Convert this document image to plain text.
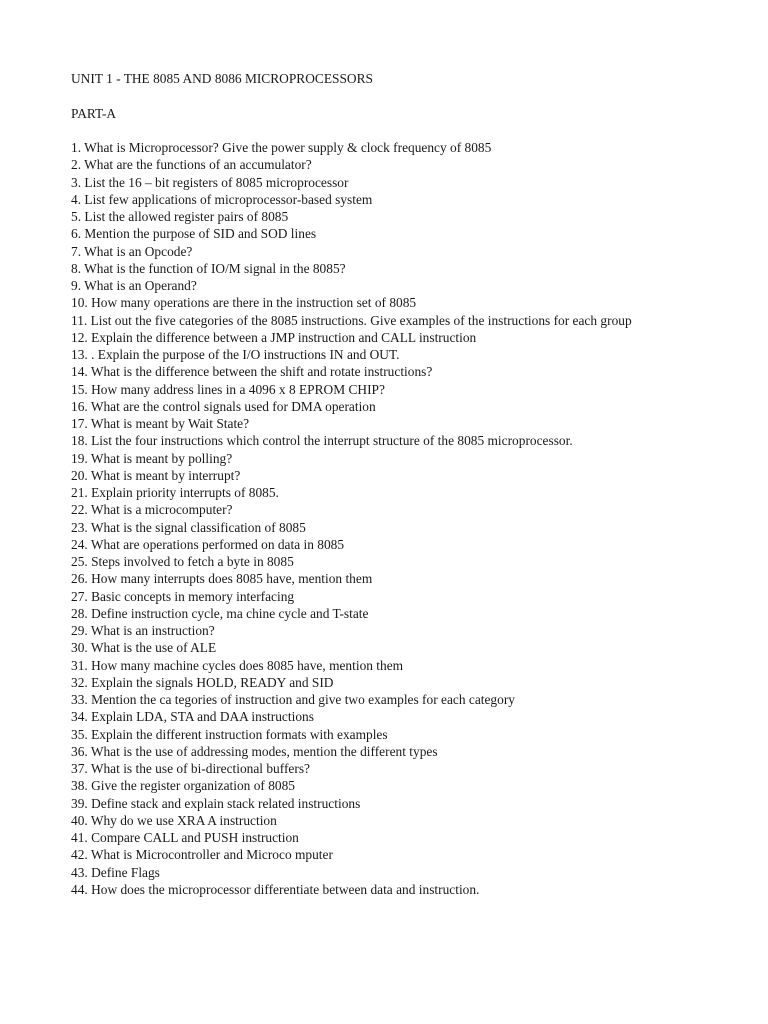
UNIT 1 - THE 8085 AND 8086 MICROPROCESSORS
PART-A
1. What is Microprocessor? Give the power supply & clock frequency of 8085
2. What are the functions of an accumulator?
3. List the 16 – bit registers of 8085 microprocessor
4. List few applications of microprocessor-based system
5. List the allowed register pairs of 8085
6. Mention the purpose of SID and SOD lines
7. What is an Opcode?
8. What is the function of IO/M signal in the 8085?
9. What is an Operand?
10. How many operations are there in the instruction set of 8085
11. List out the five categories of the 8085 instructions. Give examples of the instructions for each group
12. Explain the difference between a JMP instruction and CALL instruction
13. . Explain the purpose of the I/O instructions IN and OUT.
14. What is the difference between the shift and rotate instructions?
15. How many address lines in a 4096 x 8 EPROM CHIP?
16. What are the control signals used for DMA operation
17. What is meant by Wait State?
18. List the four instructions which control the interrupt structure of the 8085 microprocessor.
19. What is meant by polling?
20. What is meant by interrupt?
21. Explain priority interrupts of 8085.
22. What is a microcomputer?
23. What is the signal classification of 8085
24. What are operations performed on data in 8085
25. Steps involved to fetch a byte in 8085
26. How many interrupts does 8085 have, mention them
27. Basic concepts in memory interfacing
28. Define instruction cycle, ma chine cycle and T-state
29. What is an instruction?
30. What is the use of ALE
31. How many machine cycles does 8085 have, mention them
32. Explain the signals HOLD, READY and SID
33. Mention the ca tegories of instruction and give two examples for each category
34. Explain LDA, STA and DAA instructions
35. Explain the different instruction formats with examples
36. What is the use of addressing modes, mention the different types
37. What is the use of bi-directional buffers?
38. Give the register organization of 8085
39. Define stack and explain stack related instructions
40. Why do we use XRA A instruction
41. Compare CALL and PUSH instruction
42. What is Microcontroller and Microco mputer
43. Define Flags
44. How does the microprocessor differentiate between data and instruction.
